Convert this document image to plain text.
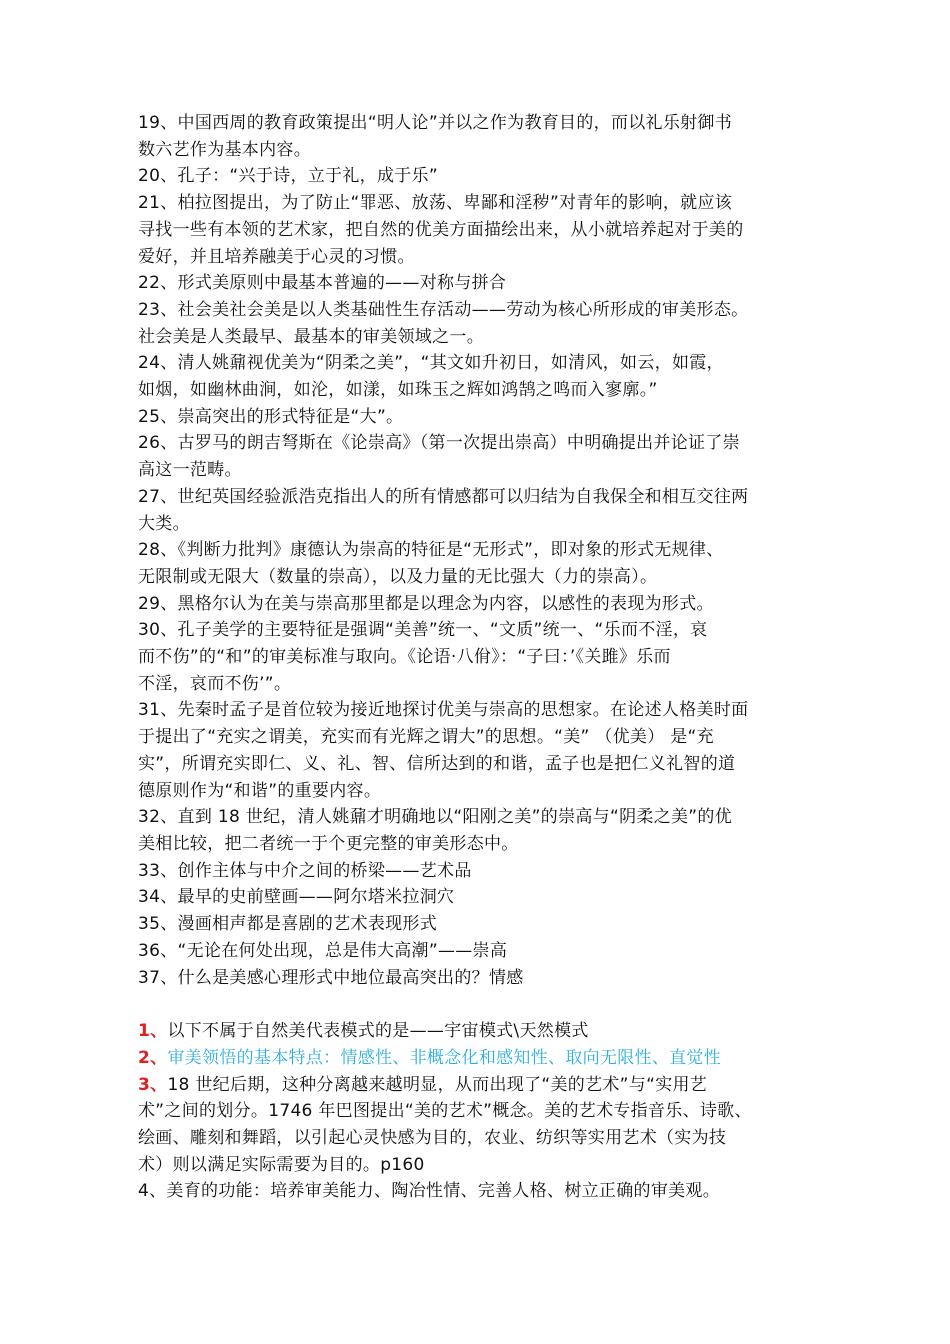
19、中国西周的教育政策提出“明人论”并以之作为教育目的，而以礼乐射御书
数六艺作为基本内容。
20、孔子：“兴于诗，立于礼，成于乐”
21、柏拉图提出，为了防止“罪恶、放荡、卑鄙和淫秽”对青年的影响，就应该
寻找一些有本领的艺术家，把自然的优美方面描绘出来，从小就培养起对于美的
爱好，并且培养融美于心灵的习惯。
22、形式美原则中最基本普遍的——对称与拼合
23、社会美社会美是以人类基础性生存活动——劳动为核心所形成的审美形态。
社会美是人类最早、最基本的审美领域之一。
24、清人姚鼐视优美为“阴柔之美”，“其文如升初日，如清风，如云，如霞，
如烟，如幽林曲涧，如沦，如漾，如珠玉之辉如鸿鹄之鸣而入寥廓。”
25、崇高突出的形式特征是“大”。
26、古罗马的朗吉弩斯在《论崇高》（第一次提出崇高）中明确提出并论证了崇
高这一范畴。
27、世纪英国经验派浩克指出人的所有情感都可以归结为自我保全和相互交往两
大类。
28、《判断力批判》康德认为崇高的特征是“无形式”，即对象的形式无规律、
无限制或无限大（数量的崇高），以及力量的无比强大（力的崇高）。
29、黑格尔认为在美与崇高那里都是以理念为内容，以感性的表现为形式。
30、孔子美学的主要特征是强调“美善”统一、“文质”统一、“乐而不淫，哀
而不伤”的“和”的审美标准与取向。《论语·八佾》：“子曰：’《关雎》乐而
不淫，哀而不伤’”。
31、先秦时孟子是首位较为接近地探讨优美与崇高的思想家。在论述人格美时面
于提出了“充实之谓美，充实而有光辉之谓大”的思想。“美” （优美） 是“充
实”，所谓充实即仁、义、礼、智、信所达到的和谐，孟子也是把仁义礼智的道
德原则作为“和谐”的重要内容。
32、直到 18 世纪，清人姚鼐才明确地以“阳刚之美”的崇高与“阴柔之美”的优
美相比较，把二者统一于个更完整的审美形态中。
33、创作主体与中介之间的桥梁——艺术品
34、最早的史前壁画——阿尔塔米拉洞穴
35、漫画相声都是喜剧的艺术表现形式
36、“无论在何处出现，总是伟大高潮”——崇高
37、什么是美感心理形式中地位最高突出的？情感
1、以下不属于自然美代表模式的是——宇宙模式\天然模式
2、审美领悟的基本特点：情感性、非概念化和感知性、取向无限性、直觉性
3、18 世纪后期，这种分离越来越明显，从而出现了“美的艺术”与“实用艺
术”之间的划分。1746 年巴图提出“美的艺术”概念。美的艺术专指音乐、诗歌、
绘画、雕刻和舞蹈，以引起心灵快感为目的，农业、纺织等实用艺术（实为技
术）则以满足实际需要为目的。p160
4、美育的功能：培养审美能力、陶冶性情、完善人格、树立正确的审美观。
